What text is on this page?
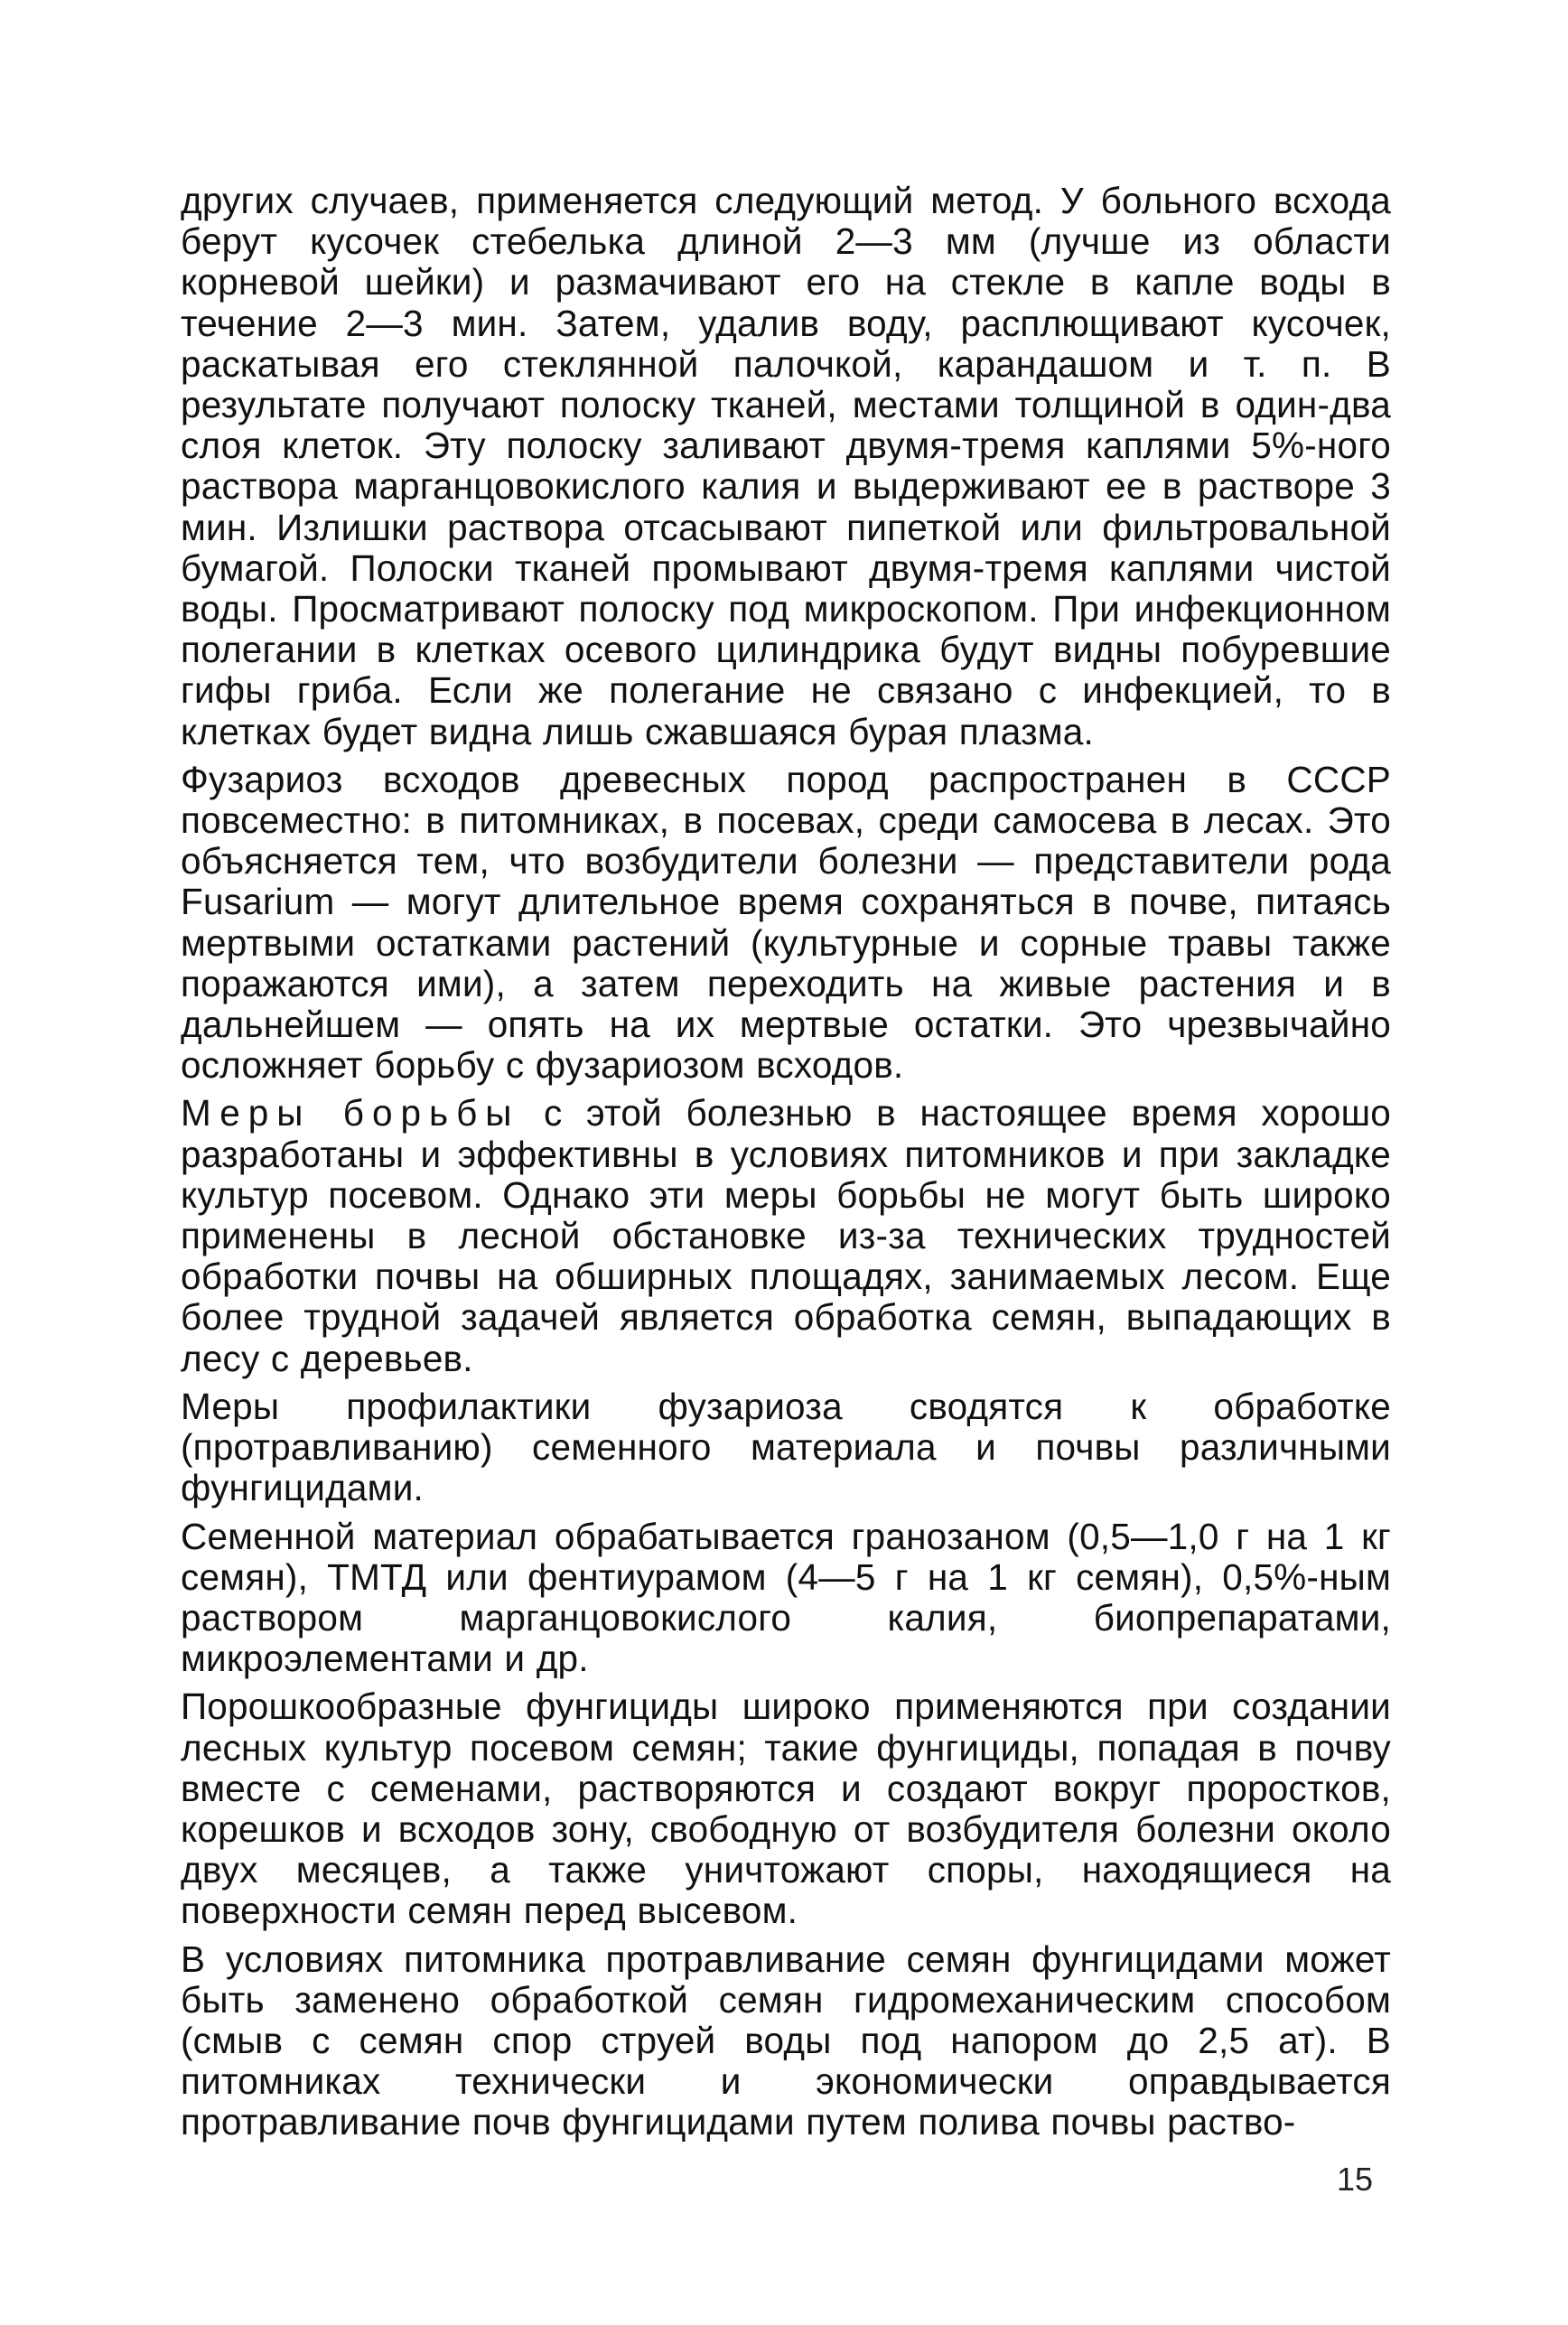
других случаев, применяется следующий метод. У больного всхода берут кусочек стебелька длиной 2—3 мм (лучше из области корневой шейки) и размачивают его на стекле в капле воды в течение 2—3 мин. Затем, удалив воду, расплющивают кусочек, раскатывая его стеклянной палочкой, карандашом и т. п. В результате получают полоску тканей, местами толщиной в один-два слоя клеток. Эту полоску заливают двумя-тремя каплями 5%-ного раствора марганцовокислого калия и выдерживают ее в растворе 3 мин. Излишки раствора отсасывают пипеткой или фильтровальной бумагой. Полоски тканей промывают двумя-тремя каплями чистой воды. Просматривают полоску под микроскопом. При инфекционном полегании в клетках осевого цилиндрика будут видны побуревшие гифы гриба. Если же полегание не связано с инфекцией, то в клетках будет видна лишь сжавшаяся бурая плазма.

Фузариоз всходов древесных пород распространен в СССР повсеместно: в питомниках, в посевах, среди самосева в лесах. Это объясняется тем, что возбудители болезни — представители рода Fusarium — могут длительное время сохраняться в почве, питаясь мертвыми остатками растений (культурные и сорные травы также поражаются ими), а затем переходить на живые растения и в дальнейшем — опять на их мертвые остатки. Это чрезвычайно осложняет борьбу с фузариозом всходов.

Меры борьбы с этой болезнью в настоящее время хорошо разработаны и эффективны в условиях питомников и при закладке культур посевом. Однако эти меры борьбы не могут быть широко применены в лесной обстановке из-за технических трудностей обработки почвы на обширных площадях, занимаемых лесом. Еще более трудной задачей является обработка семян, выпадающих в лесу с деревьев.

Меры профилактики фузариоза сводятся к обработке (протравливанию) семенного материала и почвы различными фунгицидами.

Семенной материал обрабатывается гранозаном (0,5—1,0 г на 1 кг семян), ТМТД или фентиурамом (4—5 г на 1 кг семян), 0,5%-ным раствором марганцовокислого калия, биопрепаратами, микроэлементами и др.

Порошкообразные фунгициды широко применяются при создании лесных культур посевом семян; такие фунгициды, попадая в почву вместе с семенами, растворяются и создают вокруг проростков, корешков и всходов зону, свободную от возбудителя болезни около двух месяцев, а также уничтожают споры, находящиеся на поверхности семян перед высевом.

В условиях питомника протравливание семян фунгицидами может быть заменено обработкой семян гидромеханическим способом (смыв с семян спор струей воды под напором до 2,5 ат). В питомниках технически и экономически оправдывается протравливание почв фунгицидами путем полива почвы раство-

15
